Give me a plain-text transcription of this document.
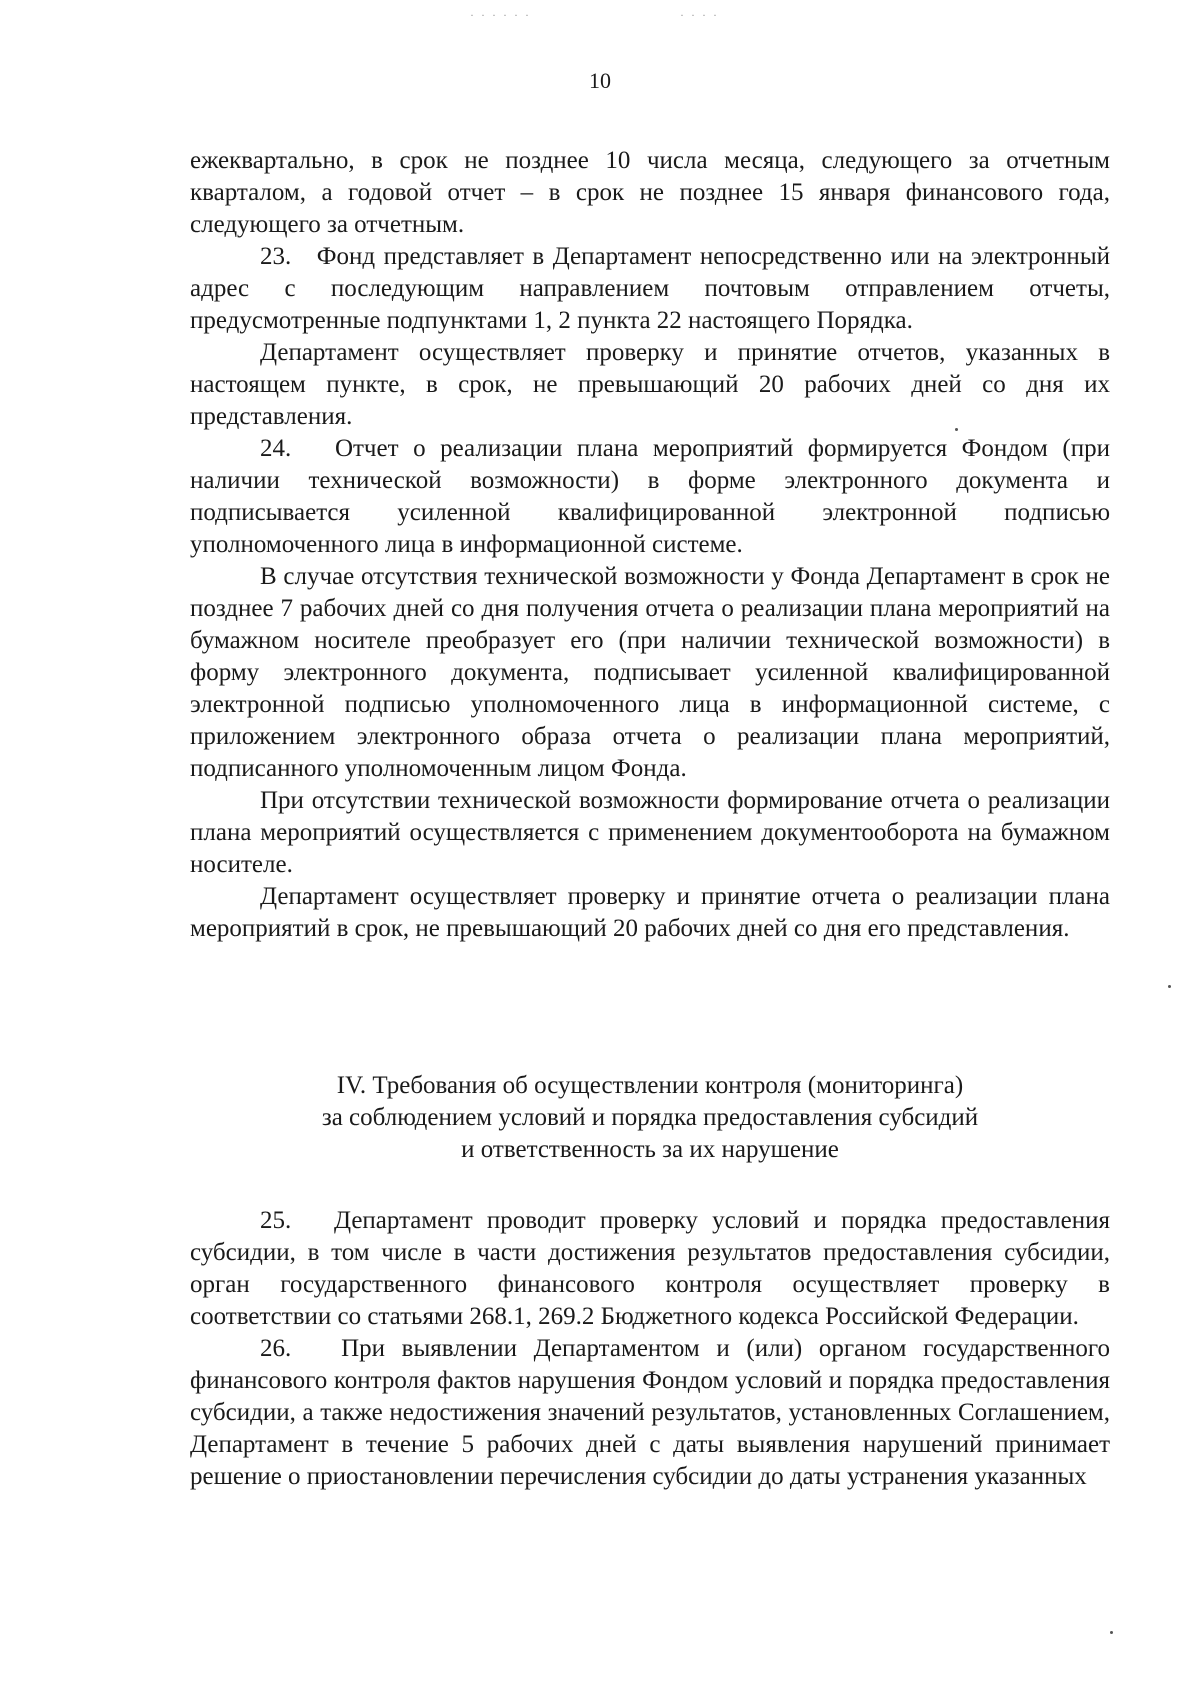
· · · · · ·	· · · ·
10

ежеквартально, в срок не позднее 10 числа месяца, следующего за отчетным кварталом, а годовой отчет – в срок не позднее 15 января финансового года, следующего за отчетным.

23.   Фонд представляет в Департамент непосредственно или на электронный адрес с последующим направлением почтовым отправлением отчеты, предусмотренные подпунктами 1, 2 пункта 22 настоящего Порядка.

Департамент осуществляет проверку и принятие отчетов, указанных в настоящем пункте, в срок, не превышающий 20 рабочих дней со дня их представления.

24.   Отчет о реализации плана мероприятий формируется Фондом (при наличии технической возможности) в форме электронного документа и подписывается усиленной квалифицированной электронной подписью уполномоченного лица в информационной системе.

В случае отсутствия технической возможности у Фонда Департамент в срок не позднее 7 рабочих дней со дня получения отчета о реализации плана мероприятий на бумажном носителе преобразует его (при наличии технической возможности) в форму электронного документа, подписывает усиленной квалифицированной электронной подписью уполномоченного лица в информационной системе, с приложением электронного образа отчета о реализации плана мероприятий, подписанного уполномоченным лицом Фонда.

При отсутствии технической возможности формирование отчета о реализации плана мероприятий осуществляется с применением документооборота на бумажном носителе.

Департамент осуществляет проверку и принятие отчета о реализации плана мероприятий в срок, не превышающий 20 рабочих дней со дня его представления.

IV. Требования об осуществлении контроля (мониторинга)
за соблюдением условий и порядка предоставления субсидий
и ответственность за их нарушение

25.   Департамент проводит проверку условий и порядка предоставления субсидии, в том числе в части достижения результатов предоставления субсидии, орган государственного финансового контроля осуществляет проверку в соответствии со статьями 268.1, 269.2 Бюджетного кодекса Российской Федерации.

26.   При выявлении Департаментом и (или) органом государственного финансового контроля фактов нарушения Фондом условий и порядка предоставления субсидии, а также недостижения значений результатов, установленных Соглашением, Департамент в течение 5 рабочих дней с даты выявления нарушений принимает решение о приостановлении перечисления субсидии до даты устранения указанных
